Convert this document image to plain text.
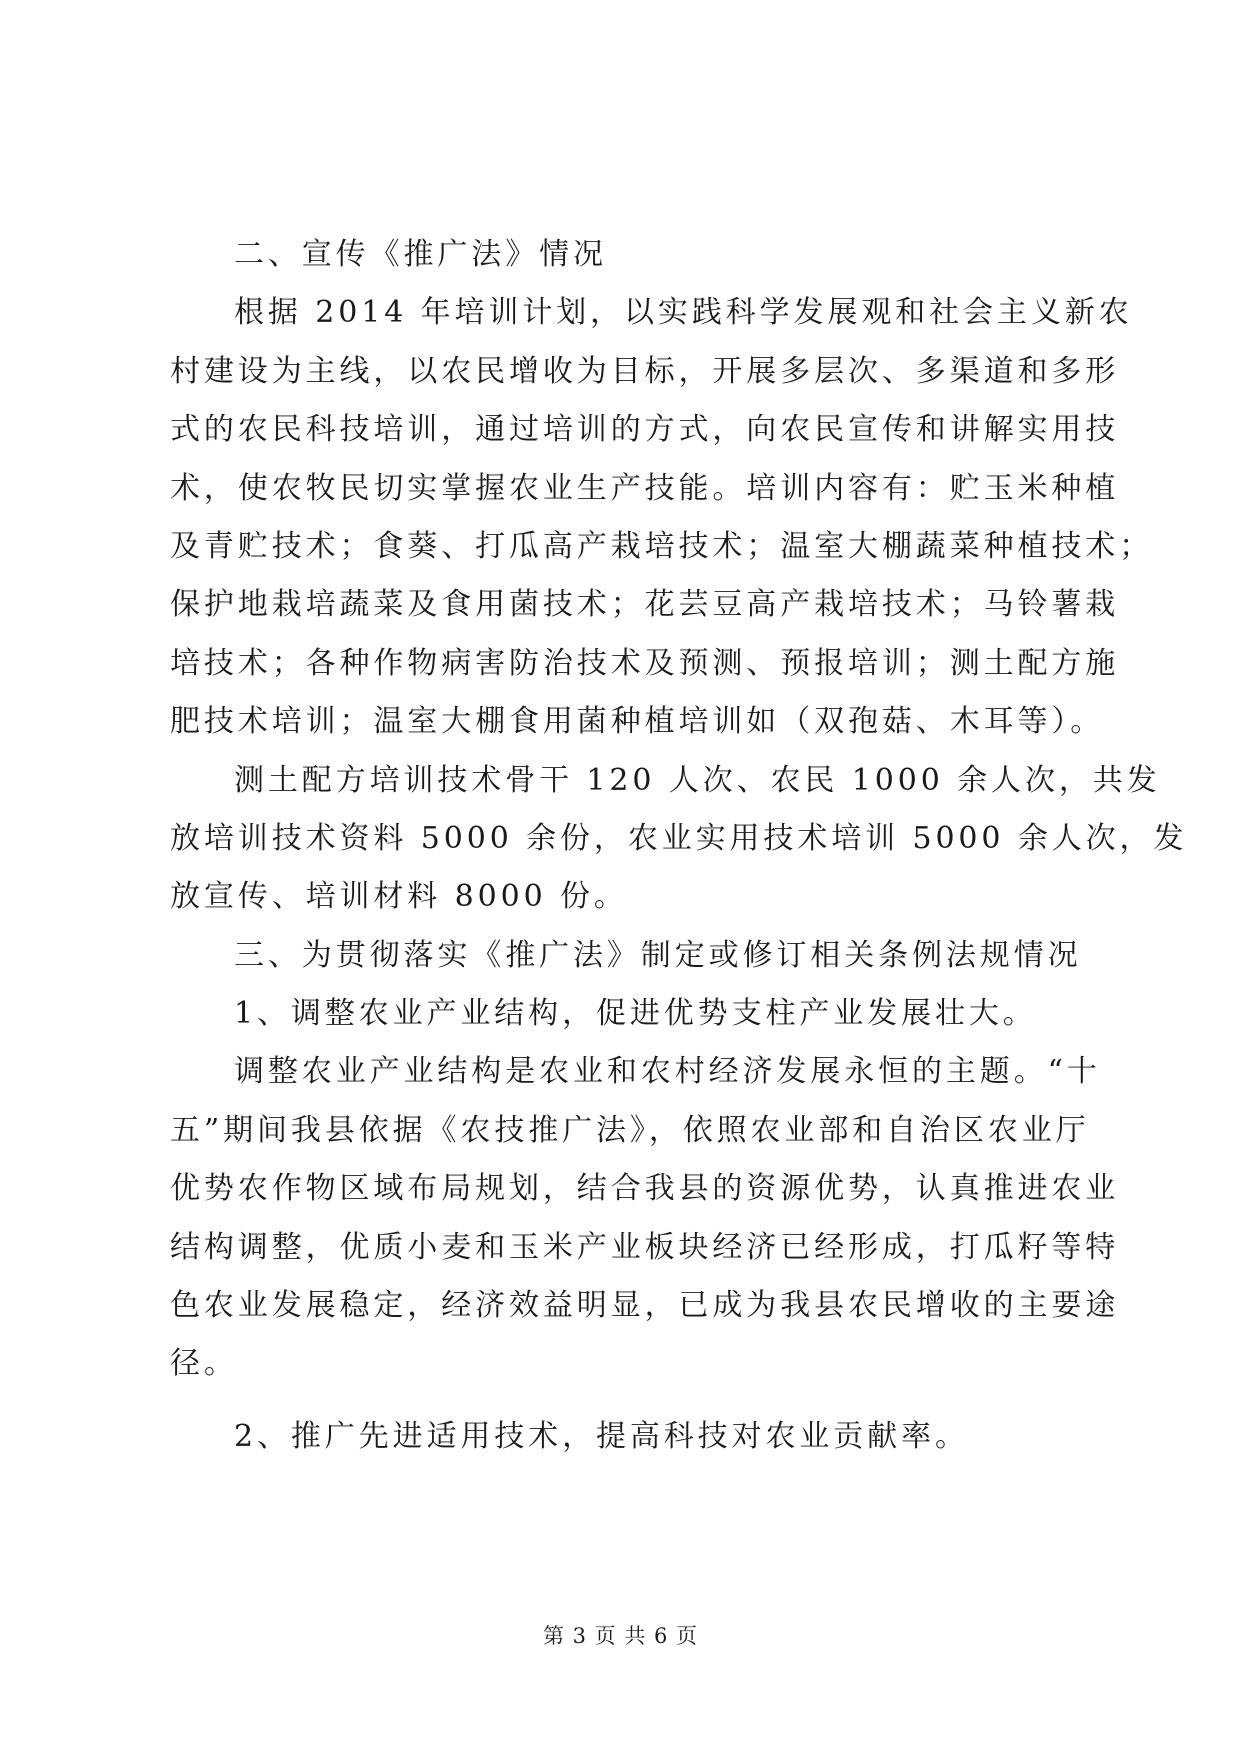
二、宣传《推广法》情况
根据 2014 年培训计划，以实践科学发展观和社会主义新农
村建设为主线，以农民增收为目标，开展多层次、多渠道和多形
式的农民科技培训，通过培训的方式，向农民宣传和讲解实用技
术，使农牧民切实掌握农业生产技能。培训内容有：贮玉米种植
及青贮技术；食葵、打瓜高产栽培技术；温室大棚蔬菜种植技术；
保护地栽培蔬菜及食用菌技术；花芸豆高产栽培技术；马铃薯栽
培技术；各种作物病害防治技术及预测、预报培训；测土配方施
肥技术培训；温室大棚食用菌种植培训如（双孢菇、木耳等）。
测土配方培训技术骨干 120 人次、农民 1000 余人次，共发
放培训技术资料 5000 余份，农业实用技术培训 5000 余人次，发
放宣传、培训材料 8000 份。
三、为贯彻落实《推广法》制定或修订相关条例法规情况
1、调整农业产业结构，促进优势支柱产业发展壮大。
调整农业产业结构是农业和农村经济发展永恒的主题。“十
五”期间我县依据《农技推广法》，依照农业部和自治区农业厅
优势农作物区域布局规划，结合我县的资源优势，认真推进农业
结构调整，优质小麦和玉米产业板块经济已经形成，打瓜籽等特
色农业发展稳定，经济效益明显，已成为我县农民增收的主要途
径。
2、推广先进适用技术，提高科技对农业贡献率。
第 3 页 共 6 页
